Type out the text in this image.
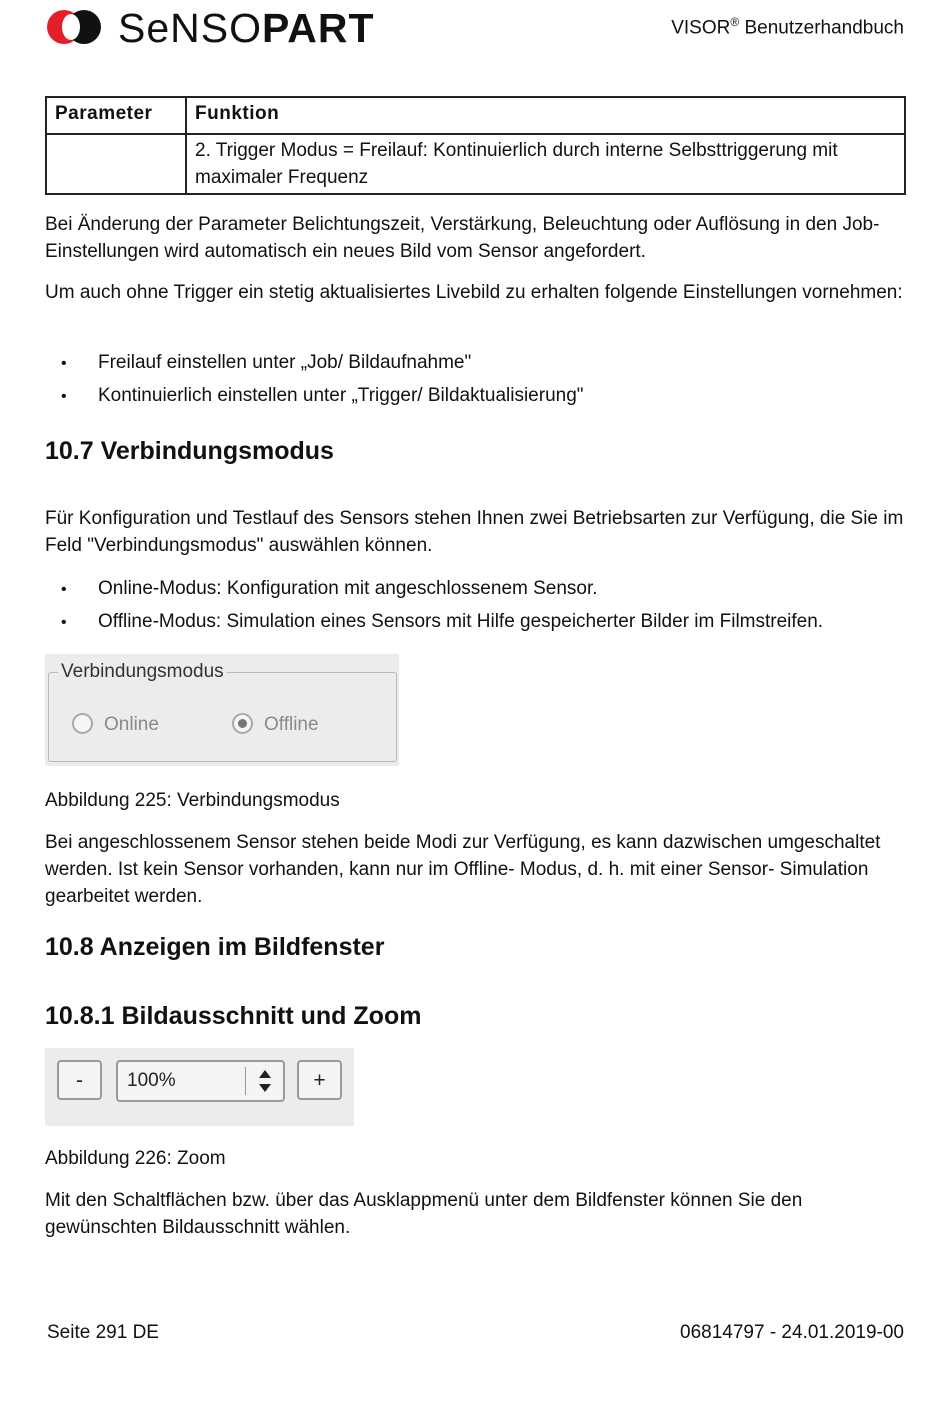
SeNSOPART	VISOR® Benutzerhandbuch
Parameter	Funktion
	2. Trigger Modus = Freilauf: Kontinuierlich durch interne Selbsttriggerung mit maximaler Frequenz
Bei Änderung der Parameter Belichtungszeit, Verstärkung, Beleuchtung oder Auflösung in den Job-Einstellungen wird automatisch ein neues Bild vom Sensor angefordert.
Um auch ohne Trigger ein stetig aktualisiertes Livebild zu erhalten folgende Einstellungen vornehmen:
• Freilauf einstellen unter „Job/ Bildaufnahme"
• Kontinuierlich einstellen unter „Trigger/ Bildaktualisierung"
10.7 Verbindungsmodus
Für Konfiguration und Testlauf des Sensors stehen Ihnen zwei Betriebsarten zur Verfügung, die Sie im Feld "Verbindungsmodus" auswählen können.
• Online-Modus: Konfiguration mit angeschlossenem Sensor.
• Offline-Modus: Simulation eines Sensors mit Hilfe gespeicherter Bilder im Filmstreifen.
Verbindungsmodus
Online	Offline
Abbildung 225: Verbindungsmodus
Bei angeschlossenem Sensor stehen beide Modi zur Verfügung, es kann dazwischen umgeschaltet werden. Ist kein Sensor vorhanden, kann nur im Offline- Modus, d. h. mit einer Sensor- Simulation gearbeitet werden.
10.8 Anzeigen im Bildfenster
10.8.1 Bildausschnitt und Zoom
-	100%	+
Abbildung 226: Zoom
Mit den Schaltflächen bzw. über das Ausklappmenü unter dem Bildfenster können Sie den gewünschten Bildausschnitt wählen.
Seite 291 DE	06814797 - 24.01.2019-00
